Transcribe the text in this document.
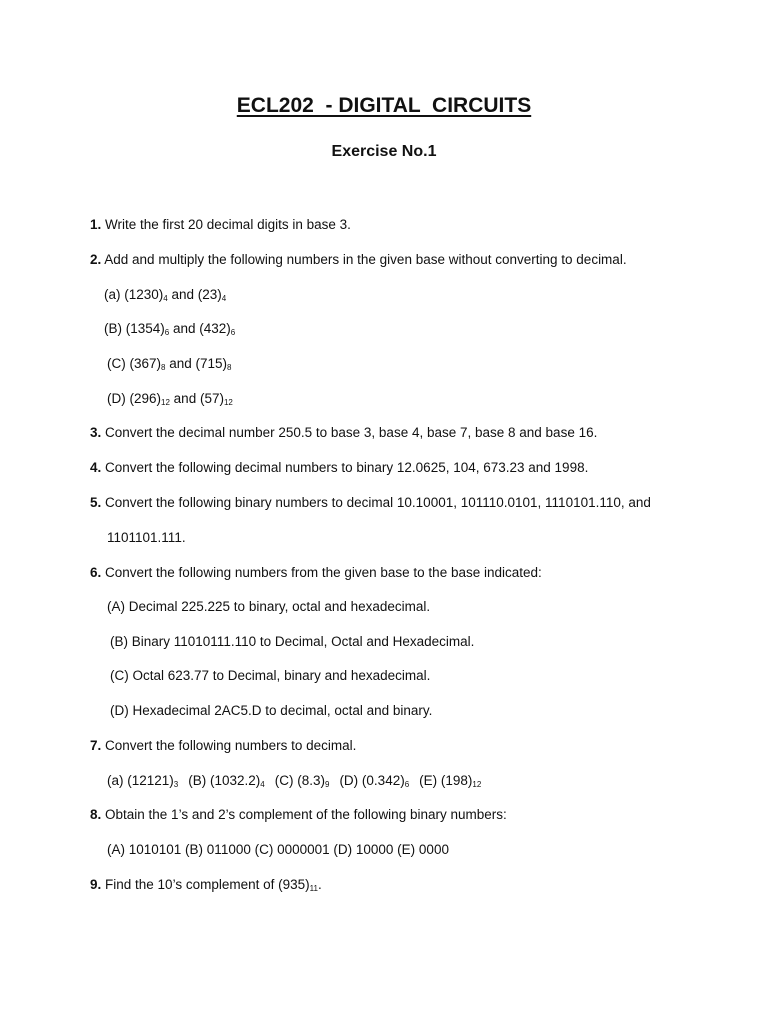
ECL202  - DIGITAL  CIRCUITS
Exercise No.1
1. Write the first 20 decimal digits in base 3.
2. Add and multiply the following numbers in the given base without converting to decimal.
(a) $(1230)_4$ and $(23)_4$
(B) $(1354)_6$ and $(432)_6$
(C) $(367)_8$ and $(715)_8$
(D) $(296)_{12}$ and $(57)_{12}$
3. Convert the decimal number 250.5 to base 3, base 4, base 7, base 8 and base 16.
4. Convert the following decimal numbers to binary 12.0625, 104, 673.23 and 1998.
5. Convert the following binary numbers to decimal 10.10001, 101110.0101, 1110101.110, and
1101101.111.
6. Convert the following numbers from the given base to the base indicated:
(A) Decimal 225.225 to binary, octal and hexadecimal.
(B) Binary 11010111.110 to Decimal, Octal and Hexadecimal.
(C) Octal 623.77 to Decimal, binary and hexadecimal.
(D) Hexadecimal 2AC5.D to decimal, octal and binary.
7. Convert the following numbers to decimal.
(a) $(12121)_3$ (B) $(1032.2)_4$ (C) $(8.3)_9$ (D) $(0.342)_6$ (E) $(198)_{12}$
8. Obtain the 1’s and 2’s complement of the following binary numbers:
(A) 1010101 (B) 011000 (C) 0000001 (D) 10000 (E) 0000
9. Find the 10’s complement of $(935)_{11}$.
